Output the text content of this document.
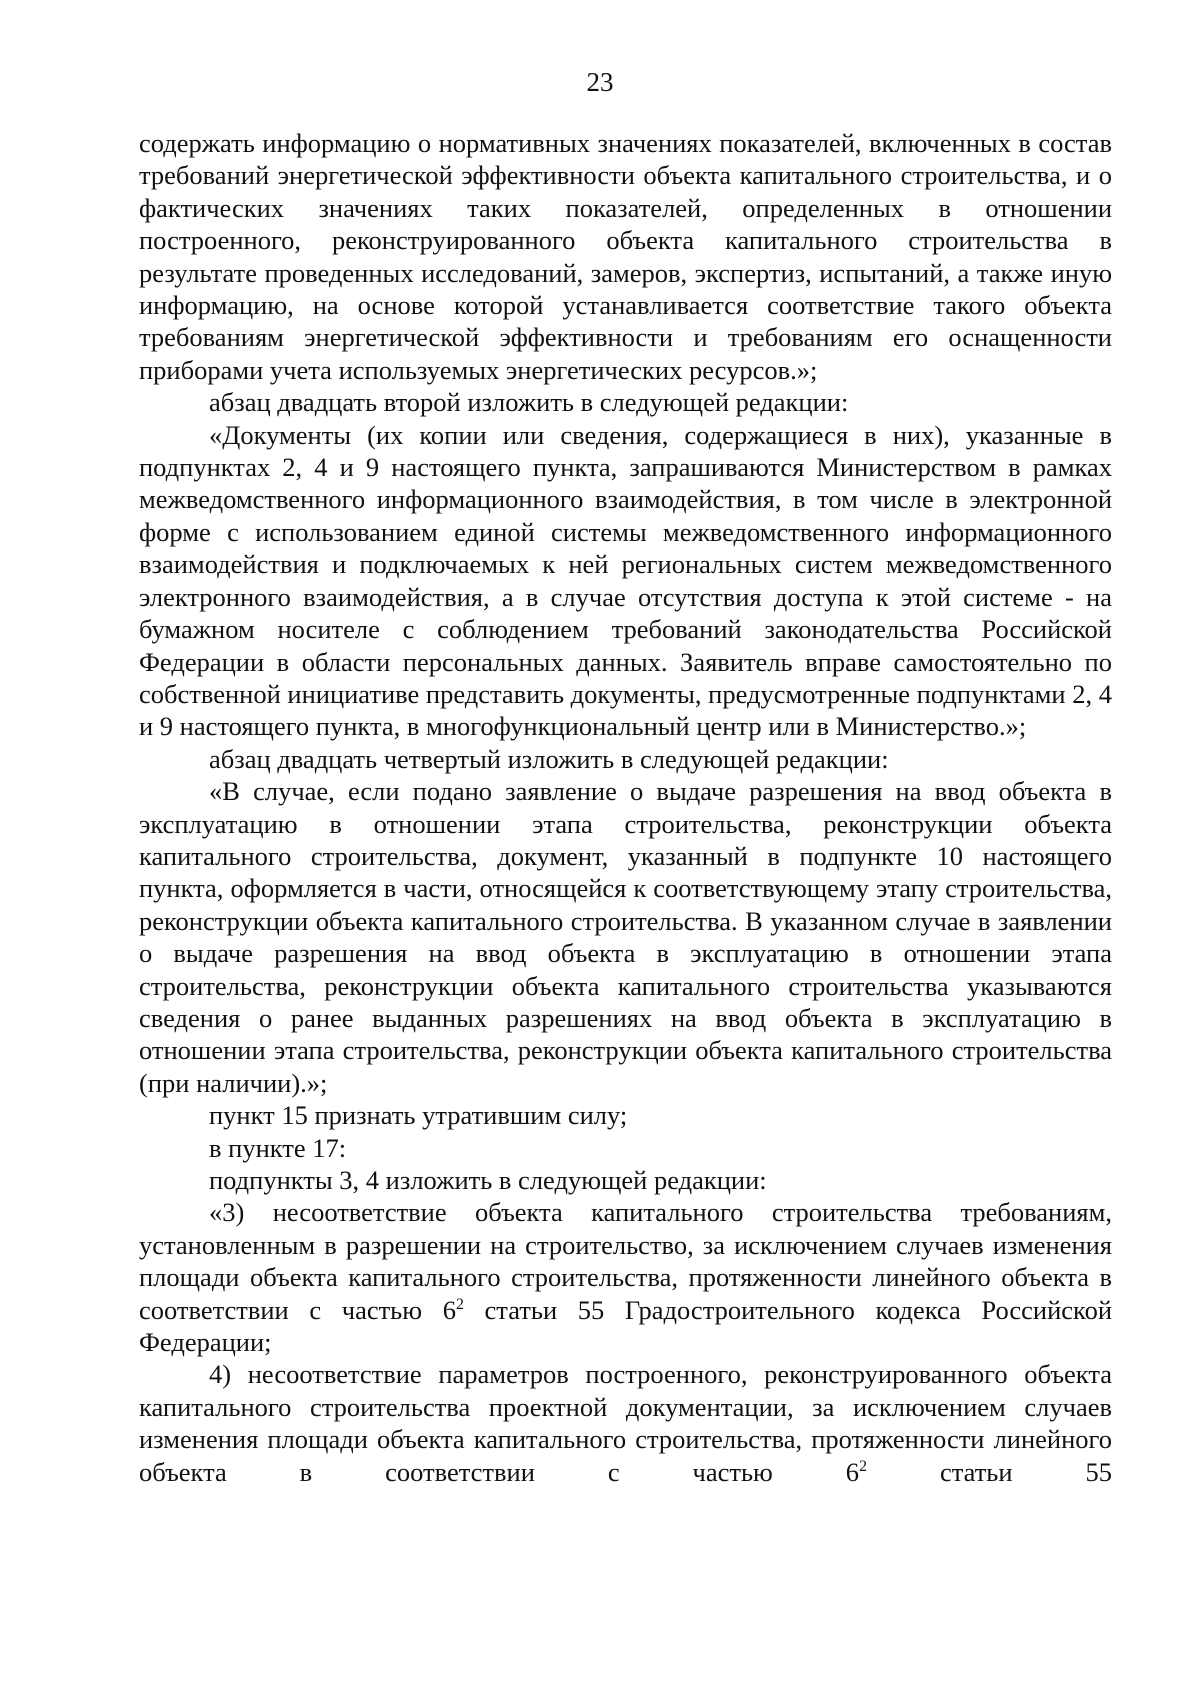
23

содержать информацию о нормативных значениях показателей, включенных в состав требований энергетической эффективности объекта капитального строительства, и о фактических значениях таких показателей, определенных в отношении построенного, реконструированного объекта капитального строительства в результате проведенных исследований, замеров, экспертиз, испытаний, а также иную информацию, на основе которой устанавливается соответствие такого объекта требованиям энергетической эффективности и требованиям его оснащенности приборами учета используемых энергетических ресурсов.»;

абзац двадцать второй изложить в следующей редакции:

«Документы (их копии или сведения, содержащиеся в них), указанные в подпунктах 2, 4 и 9 настоящего пункта, запрашиваются Министерством в рамках межведомственного информационного взаимодействия, в том числе в электронной форме с использованием единой системы межведомственного информационного взаимодействия и подключаемых к ней региональных систем межведомственного электронного взаимодействия, а в случае отсутствия доступа к этой системе - на бумажном носителе с соблюдением требований законодательства Российской Федерации в области персональных данных. Заявитель вправе самостоятельно по собственной инициативе представить документы, предусмотренные подпунктами 2, 4 и 9 настоящего пункта, в многофункциональный центр или в Министерство.»;

абзац двадцать четвертый изложить в следующей редакции:

«В случае, если подано заявление о выдаче разрешения на ввод объекта в эксплуатацию в отношении этапа строительства, реконструкции объекта капитального строительства, документ, указанный в подпункте 10 настоящего пункта, оформляется в части, относящейся к соответствующему этапу строительства, реконструкции объекта капитального строительства. В указанном случае в заявлении о выдаче разрешения на ввод объекта в эксплуатацию в отношении этапа строительства, реконструкции объекта капитального строительства указываются сведения о ранее выданных разрешениях на ввод объекта в эксплуатацию в отношении этапа строительства, реконструкции объекта капитального строительства (при наличии).»;

пункт 15 признать утратившим силу;

в пункте 17:

подпункты 3, 4 изложить в следующей редакции:

«3) несоответствие объекта капитального строительства требованиям, установленным в разрешении на строительство, за исключением случаев изменения площади объекта капитального строительства, протяженности линейного объекта в соответствии с частью $6^2$ статьи 55 Градостроительного кодекса Российской Федерации;

4) несоответствие параметров построенного, реконструированного объекта капитального строительства проектной документации, за исключением случаев изменения площади объекта капитального строительства, протяженности линейного объекта в соответствии с частью $6^2$ статьи 55
